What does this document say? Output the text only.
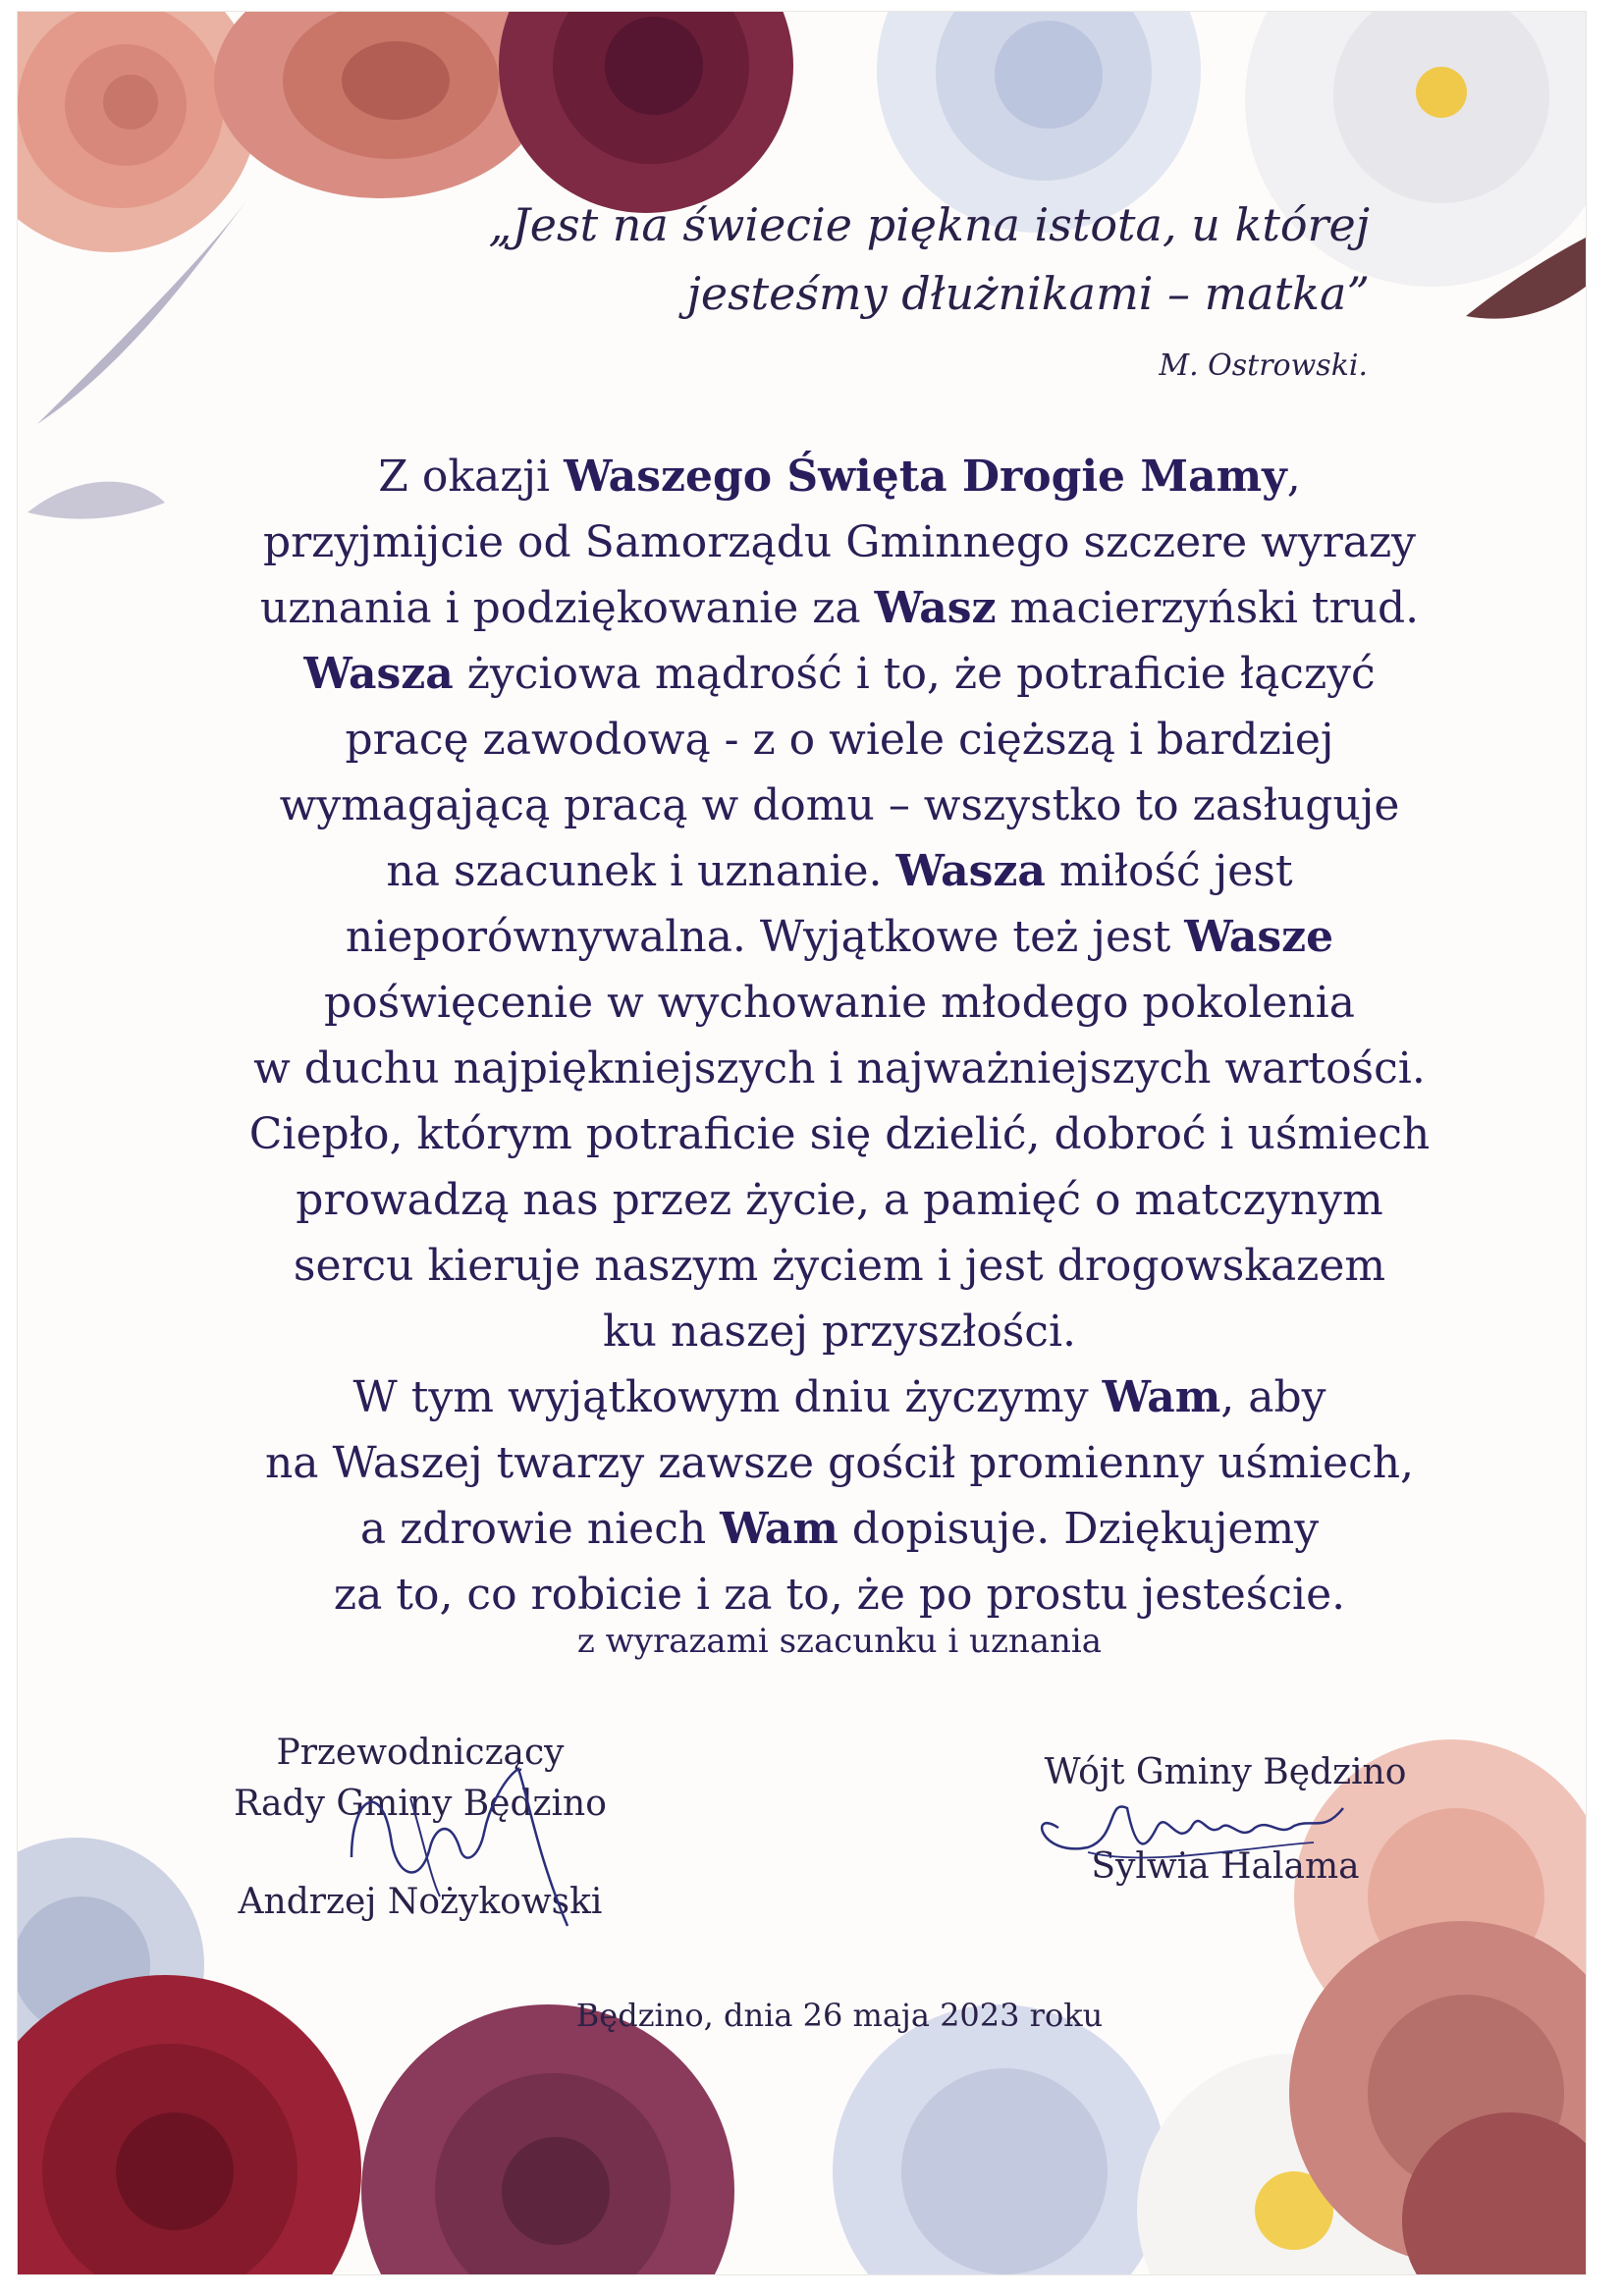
„Jest na świecie piękna istota, u której
jesteśmy dłużnikami – matka”
M. Ostrowski.
Z okazji Waszego Święta Drogie Mamy,
przyjmijcie od Samorządu Gminnego szczere wyrazy
uznania i podziękowanie za Wasz macierzyński trud.
Wasza życiowa mądrość i to, że potraficie łączyć
pracę zawodową - z o wiele cięższą i bardziej
wymagającą pracą w domu – wszystko to zasługuje
na szacunek i uznanie. Wasza miłość jest
nieporównywalna. Wyjątkowe też jest Wasze
poświęcenie w wychowanie młodego pokolenia
w duchu najpiękniejszych i najważniejszych wartości.
Ciepło, którym potraficie się dzielić, dobroć i uśmiech
prowadzą nas przez życie, a pamięć o matczynym
sercu kieruje naszym życiem i jest drogowskazem
ku naszej przyszłości.
W tym wyjątkowym dniu życzymy Wam, aby
na Waszej twarzy zawsze gościł promienny uśmiech,
a zdrowie niech Wam dopisuje. Dziękujemy
za to, co robicie i za to, że po prostu jesteście.
z wyrazami szacunku i uznania
Przewodniczący
Rady Gminy Będzino
Andrzej Nożykowski
Wójt Gminy Będzino
Sylwia Halama
Będzino, dnia 26 maja 2023 roku
